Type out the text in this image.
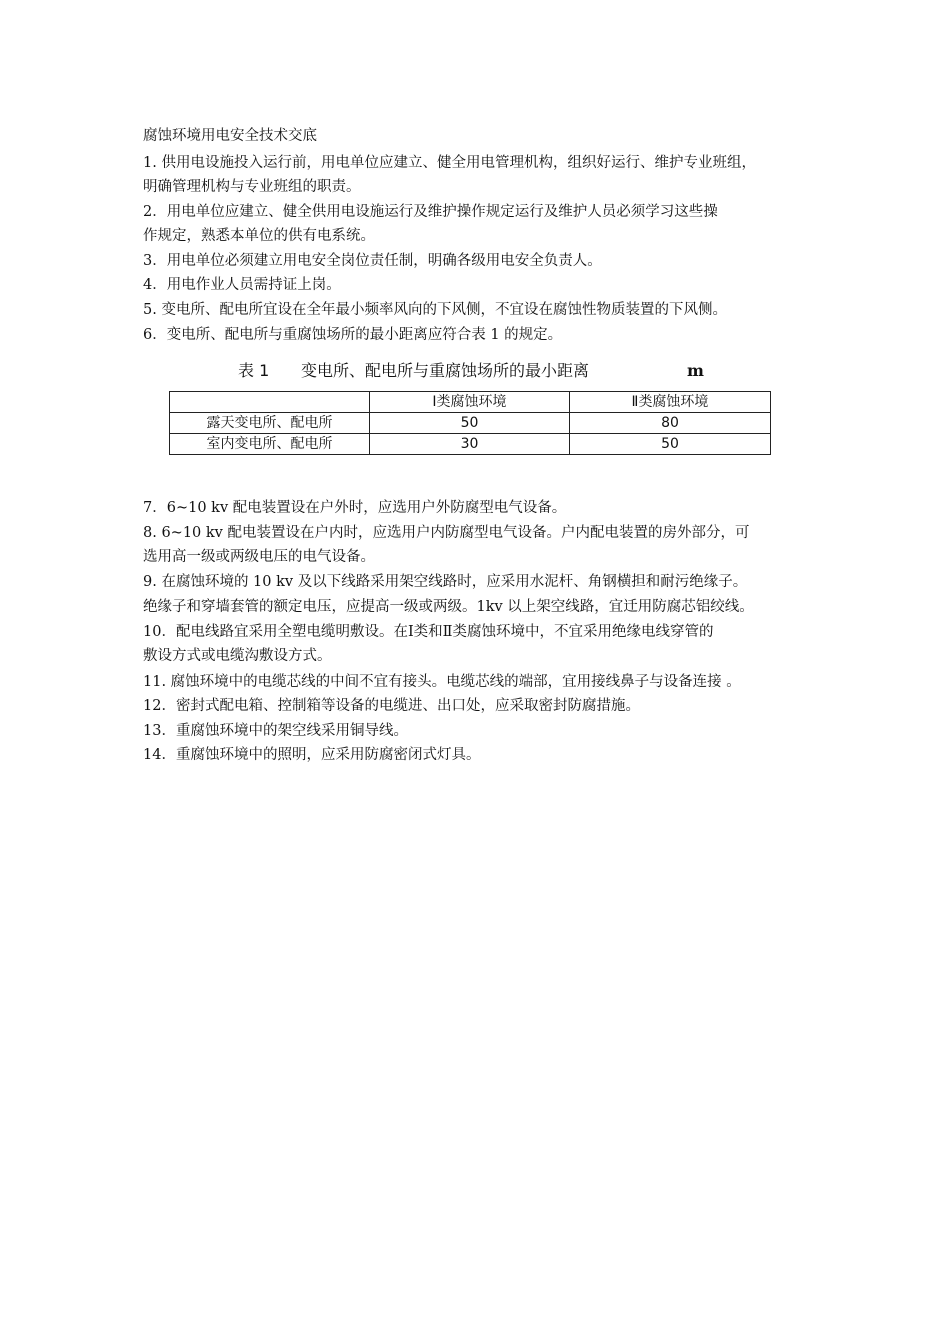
腐蚀环境用电安全技术交底
1. 供用电设施投入运行前，用电单位应建立、健全用电管理机构，组织好运行、维护专业班组，
明确管理机构与专业班组的职责。
2．用电单位应建立、健全供用电设施运行及维护操作规定运行及维护人员必须学习这些操
作规定，熟悉本单位的供有电系统。
3．用电单位必须建立用电安全岗位责任制，明确各级用电安全负责人。
4．用电作业人员需持证上岗。
5. 变电所、配电所宜设在全年最小频率风向的下风侧，不宜设在腐蚀性物质装置的下风侧。
6．变电所、配电所与重腐蚀场所的最小距离应符合表 1 的规定。
表 1 变电所、配电所与重腐蚀场所的最小距离	m
	Ⅰ类腐蚀环境	Ⅱ类腐蚀环境
露天变电所、配电所	50	80
室内变电所、配电所	30	50
7．6~10 kv 配电装置设在户外时，应选用户外防腐型电气设备。
8. 6~10 kv 配电装置设在户内时，应选用户内防腐型电气设备。户内配电装置的房外部分，可
选用高一级或两级电压的电气设备。
9. 在腐蚀环境的 10 kv 及以下线路采用架空线路时，应采用水泥杆、角钢横担和耐污绝缘子。
绝缘子和穿墙套管的额定电压，应提高一级或两级。1kv 以上架空线路，宜迁用防腐芯铝绞线。
10．配电线路宜采用全塑电缆明敷设。在Ⅰ类和Ⅱ类腐蚀环境中，不宜采用绝缘电线穿管的
敷设方式或电缆沟敷设方式。
11. 腐蚀环境中的电缆芯线的中间不宜有接头。电缆芯线的端部，宜用接线鼻子与设备连接 。
12．密封式配电箱、控制箱等设备的电缆进、出口处，应采取密封防腐措施。
13．重腐蚀环境中的架空线采用铜导线。
14．重腐蚀环境中的照明，应采用防腐密闭式灯具。
